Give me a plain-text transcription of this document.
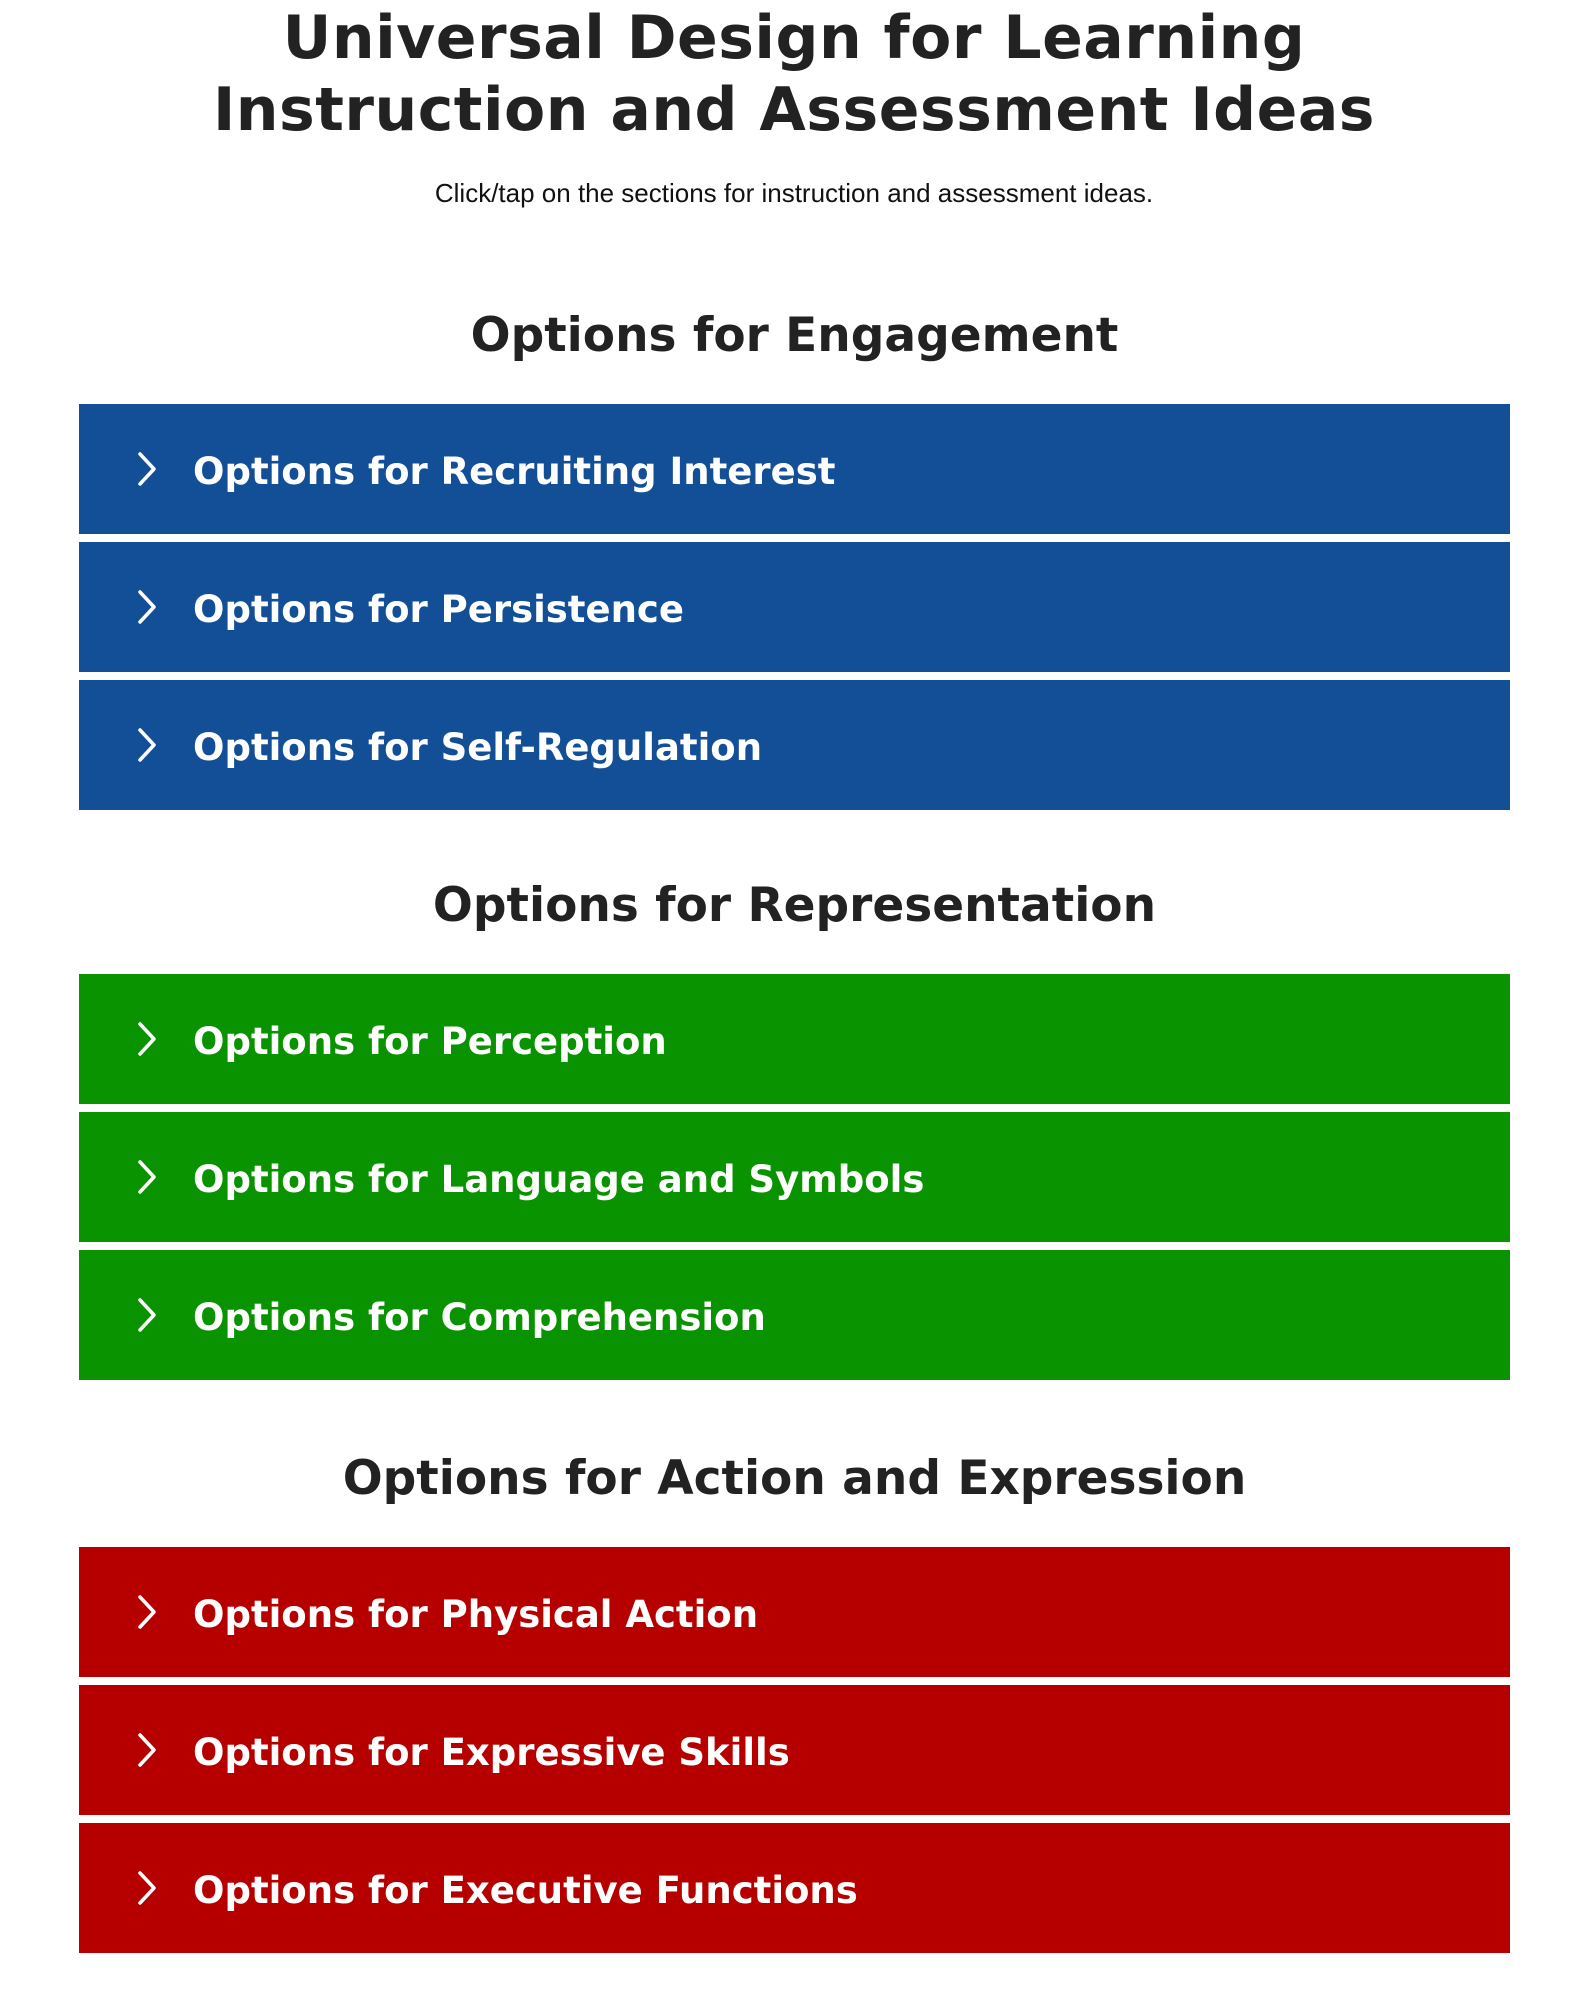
Universal Design for Learning
Instruction and Assessment Ideas

Click/tap on the sections for instruction and assessment ideas.

Options for Engagement
Options for Recruiting Interest
Options for Persistence
Options for Self-Regulation
Options for Representation
Options for Perception
Options for Language and Symbols
Options for Comprehension
Options for Action and Expression
Options for Physical Action
Options for Expressive Skills
Options for Executive Functions
